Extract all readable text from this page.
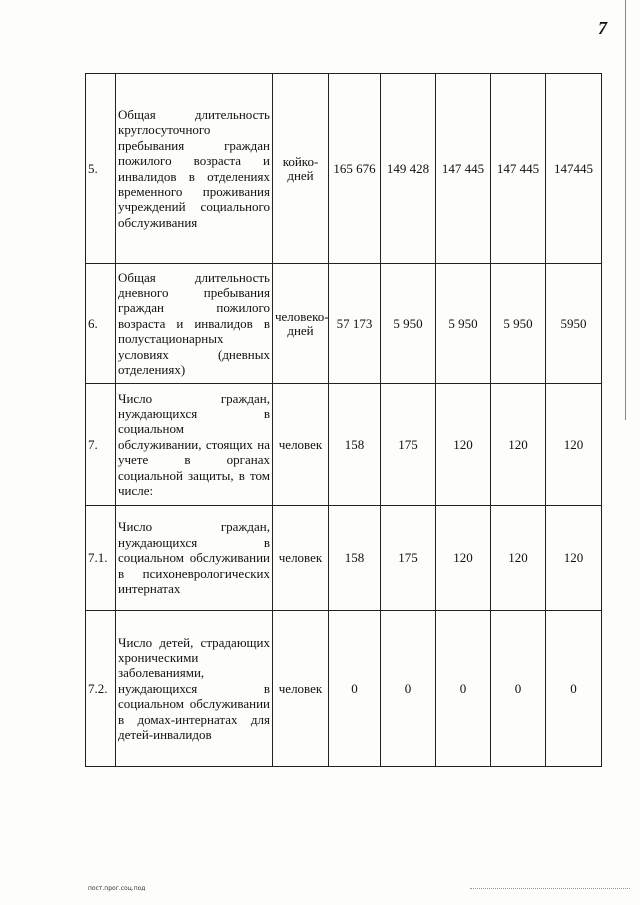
7
5.	Общая длительность круглосуточного пребывания граждан пожилого возраста и инвалидов в отделениях временного проживания учреждений социального обслуживания	койко-дней	165 676	149 428	147 445	147 445	147445
6.	Общая длительность дневного пребывания граждан пожилого возраста и инвалидов в полустационарных условиях (дневных отделениях)	человеко-дней	57 173	5 950	5 950	5 950	5950
7.	Число граждан, нуждающихся в социальном обслуживании, стоящих на учете в органах социальной защиты, в том числе:	человек	158	175	120	120	120
7.1.	Число граждан, нуждающихся в социальном обслуживании в психоневрологических интернатах	человек	158	175	120	120	120
7.2.	Число детей, страдающих хроническими заболеваниями, нуждающихся в социальном обслуживании в домах-интернатах для детей-инвалидов	человек	0	0	0	0	0
пост.прог.соц.под
